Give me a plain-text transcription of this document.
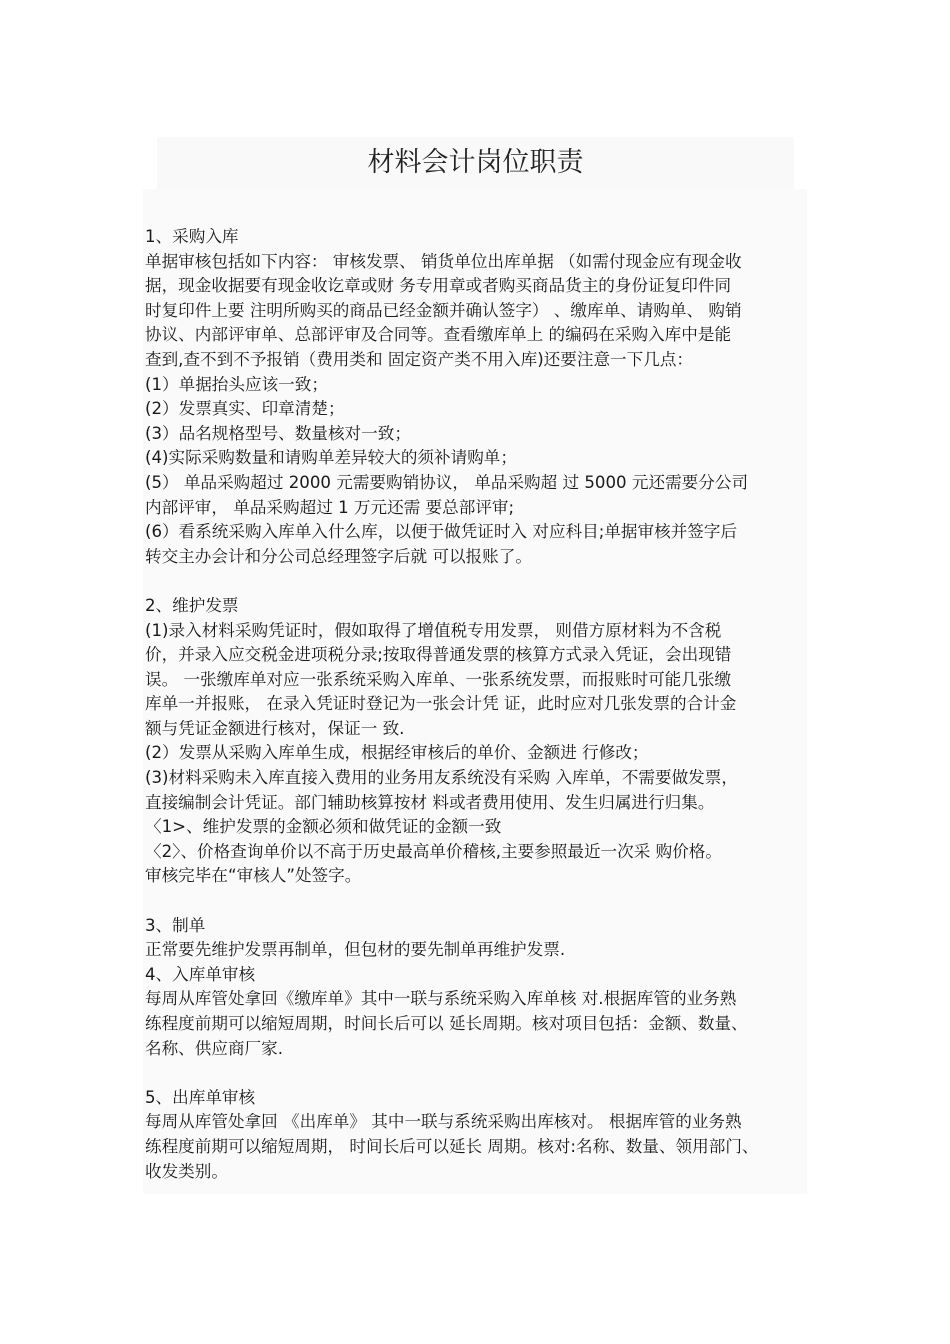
材料会计岗位职责
1、采购入库
单据审核包括如下内容： 审核发票、 销货单位出库单据 （如需付现金应有现金收
据，现金收据要有现金收讫章或财 务专用章或者购买商品货主的身份证复印件同
时复印件上要 注明所购买的商品已经金额并确认签字） 、缴库单、请购单、 购销
协议、内部评审单、总部评审及合同等。查看缴库单上 的编码在采购入库中是能
查到,查不到不予报销（费用类和 固定资产类不用入库)还要注意一下几点：
(1）单据抬头应该一致；
(2）发票真实、印章清楚；
(3）品名规格型号、数量核对一致；
(4)实际采购数量和请购单差异较大的须补请购单；
(5） 单品采购超过 2000 元需要购销协议， 单品采购超 过 5000 元还需要分公司
内部评审， 单品采购超过 1 万元还需 要总部评审;
(6）看系统采购入库单入什么库，以便于做凭证时入 对应科目;单据审核并签字后
转交主办会计和分公司总经理签字后就 可以报账了。
2、维护发票
(1)录入材料采购凭证时，假如取得了增值税专用发票， 则借方原材料为不含税
价，并录入应交税金进项税分录;按取得普通发票的核算方式录入凭证，会出现错
误。 一张缴库单对应一张系统采购入库单、一张系统发票，而报账时可能几张缴
库单一并报账， 在录入凭证时登记为一张会计凭 证，此时应对几张发票的合计金
额与凭证金额进行核对，保证一 致.
(2）发票从采购入库单生成，根据经审核后的单价、金额进 行修改；
(3)材料采购未入库直接入费用的业务用友系统没有采购 入库单，不需要做发票，
直接编制会计凭证。部门辅助核算按材 料或者费用使用、发生归属进行归集。
〈1>、维护发票的金额必须和做凭证的金额一致
〈2〉、价格查询单价以不高于历史最高单价稽核,主要参照最近一次采 购价格。
审核完毕在“审核人”处签字。
3、制单
正常要先维护发票再制单，但包材的要先制单再维护发票.
4、入库单审核
每周从库管处拿回《缴库单》其中一联与系统采购入库单核 对.根据库管的业务熟
练程度前期可以缩短周期，时间长后可以 延长周期。核对项目包括：金额、数量、
名称、供应商厂家.
5、出库单审核
每周从库管处拿回 《出库单》 其中一联与系统采购出库核对。 根据库管的业务熟
练程度前期可以缩短周期， 时间长后可以延长 周期。核对:名称、数量、领用部门、
收发类别。
